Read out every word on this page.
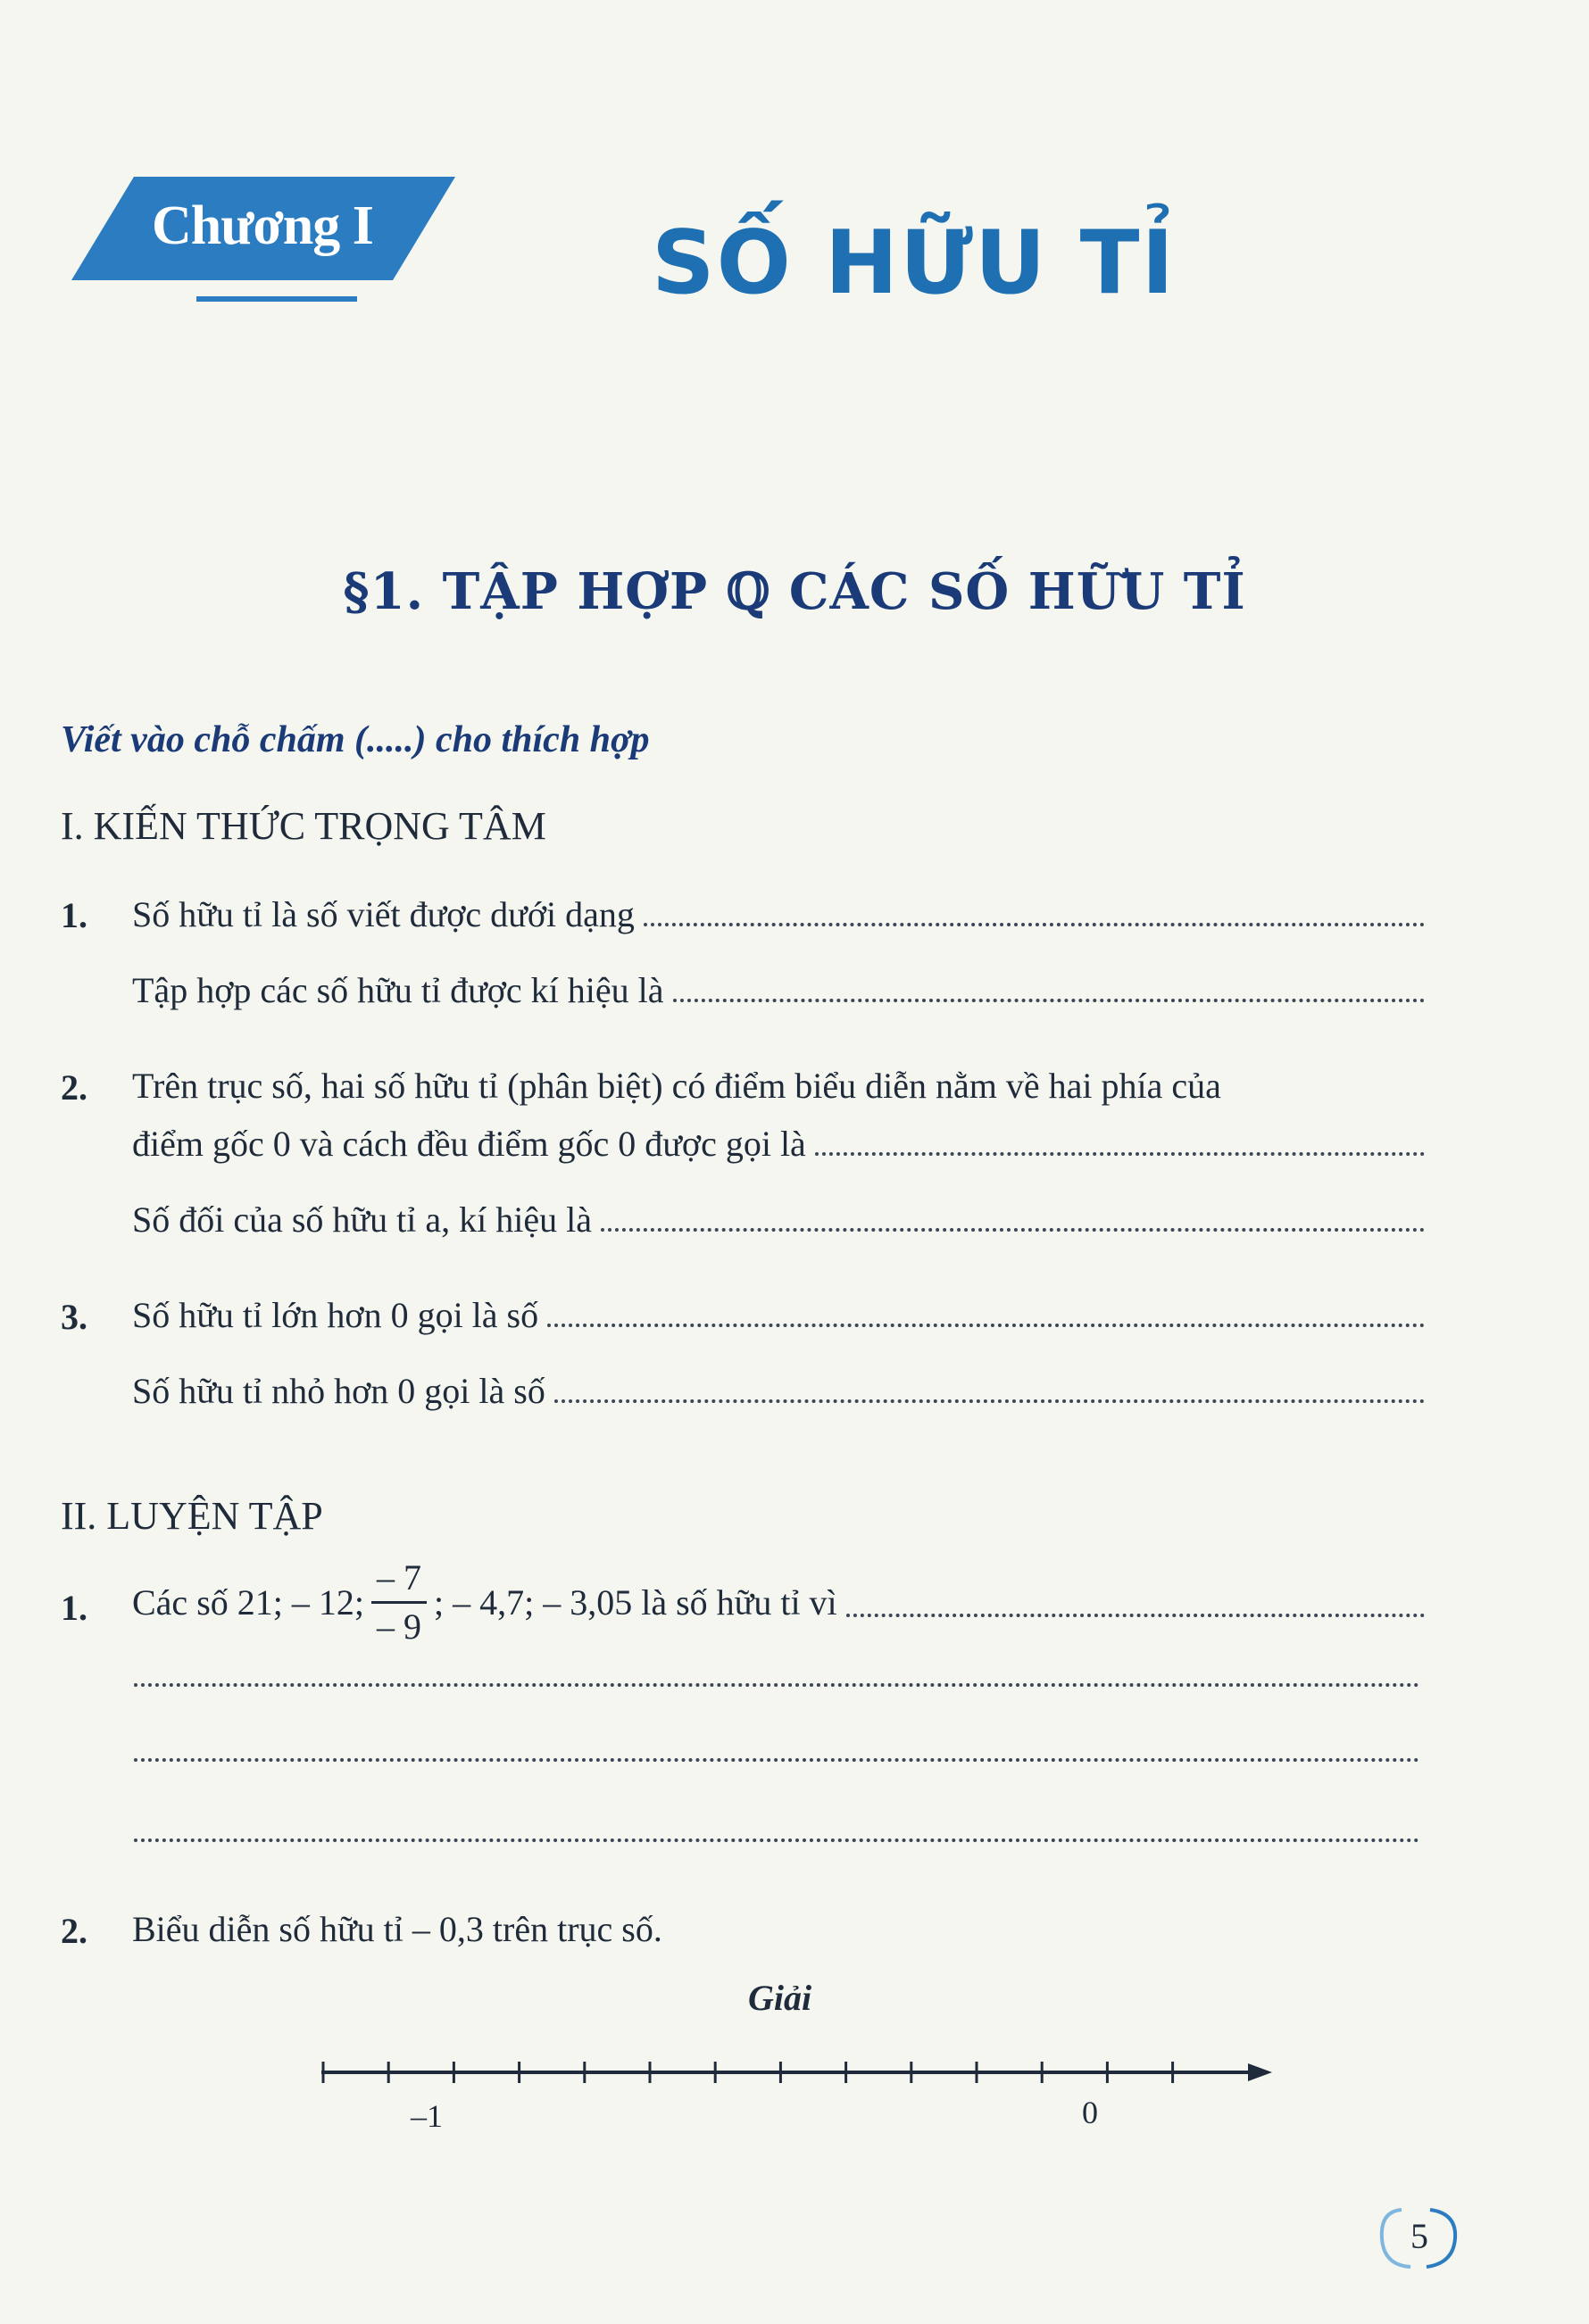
Chương I	SỐ HỮU TỈ
§1. TẬP HỢP ℚ CÁC SỐ HỮU TỈ
Viết vào chỗ chấm (.....) cho thích hợp
I. KIẾN THỨC TRỌNG TÂM
1. Số hữu tỉ là số viết được dưới dạng
Tập hợp các số hữu tỉ được kí hiệu là
2. Trên trục số, hai số hữu tỉ (phân biệt) có điểm biểu diễn nằm về hai phía của
điểm gốc 0 và cách đều điểm gốc 0 được gọi là
Số đối của số hữu tỉ a, kí hiệu là
3. Số hữu tỉ lớn hơn 0 gọi là số
Số hữu tỉ nhỏ hơn 0 gọi là số
II. LUYỆN TẬP
1. Các số 21; – 12; $\frac{- 7}{- 9}$ ; – 4,7; – 3,05 là số hữu tỉ vì
2. Biểu diễn số hữu tỉ – 0,3 trên trục số.
Giải
–1	0
5
